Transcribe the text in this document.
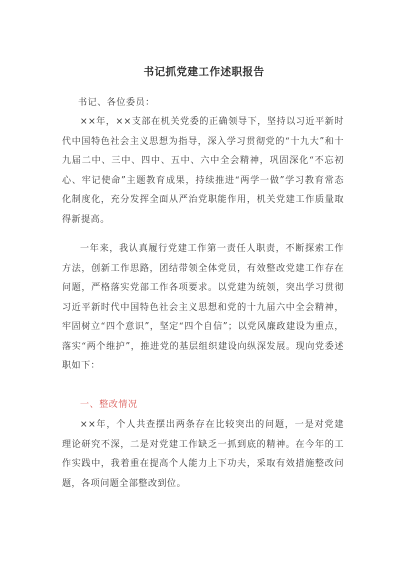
书记抓党建工作述职报告
书记、各位委员：

××年，××支部在机关党委的正确领导下，坚持以习近平新时代中国特色社会主义思想为指导，深入学习贯彻党的“十九大”和十九届二中、三中、四中、五中、六中全会精神，巩固深化“不忘初心、牢记使命”主题教育成果，持续推进“两学一做”学习教育常态化制度化，充分发挥全面从严治党职能作用，机关党建工作质量取得新提高。

一年来，我认真履行党建工作第一责任人职责，不断探索工作方法，创新工作思路，团结带领全体党员，有效整改党建工作存在问题，严格落实党部工作各项要求。以党建为统领，突出学习贯彻习近平新时代中国特色社会主义思想和党的十九届六中全会精神，牢固树立“四个意识”，坚定“四个自信”；以党风廉政建设为重点，落实“两个维护”，推进党的基层组织建设向纵深发展。现向党委述职如下：

一、整改情况

××年，个人共查摆出两条存在比较突出的问题，一是对党建理论研究不深，二是对党建工作缺乏一抓到底的精神。在今年的工作实践中，我着重在提高个人能力上下功夫，采取有效措施整改问题，各项问题全部整改到位。
